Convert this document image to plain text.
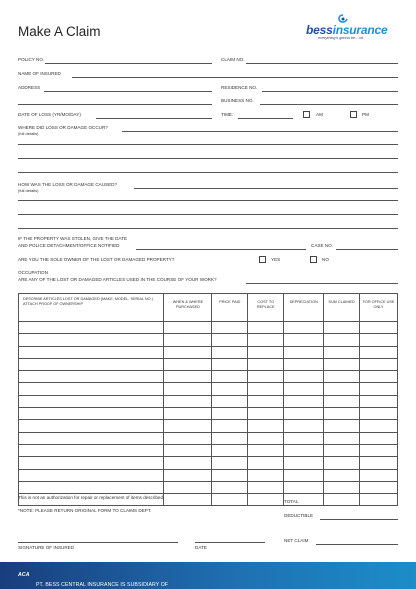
Make A Claim	bessinsurance
everything's gonna be... ok
POLICY NO.	CLAIM NO.
NAME OF INSURED
ADDRESS	RESIDENCE NO.
BUSINESS NO.
DATE OF LOSS (YR/MO/DAY)	TIME:	AM	PM
WHERE DID LOSS OR DAMAGE OCCUR?
(full details)
HOW WAS THE LOSS OR DAMAGE CAUSED?
(full details)
IF THE PROPERTY WAS STOLEN, GIVE THE DATE
AND POLICE DETACHMENT/OFFICE NOTIFIED	CASE NO.
ARE YOU THE SOLE OWNER OF THE LOST OR DAMAGED PROPERTY?	YES	NO
OCCUPATION
ARE ANY OF THE LOST OR DAMAGED ARTICLES USED IN THE COURSE OF YOUR WORK?
DESCRIBE ARTICLES LOST OR DAMAGED (MAKE, MODEL, SERIAL NO.) ATTACH PROOF OF OWNERSHIP	WHEN & WHERE PURCHASED	PRICE PAID	COST TO REPLACE	DEPRECIATION	SUM CLAIMED	FOR OFFICE USE ONLY

This is not an authorization for repair or replacement of items described
*NOTE: PLEASE RETURN ORIGINAL FORM TO CLAIMS DEPT.
TOTAL
DEDUCTIBLE
NET CLAIM
SIGNATURE OF INSURED	DATE
PT. BESS CENTRAL INSURANCE IS SUBSIDIARY OF
ACA
